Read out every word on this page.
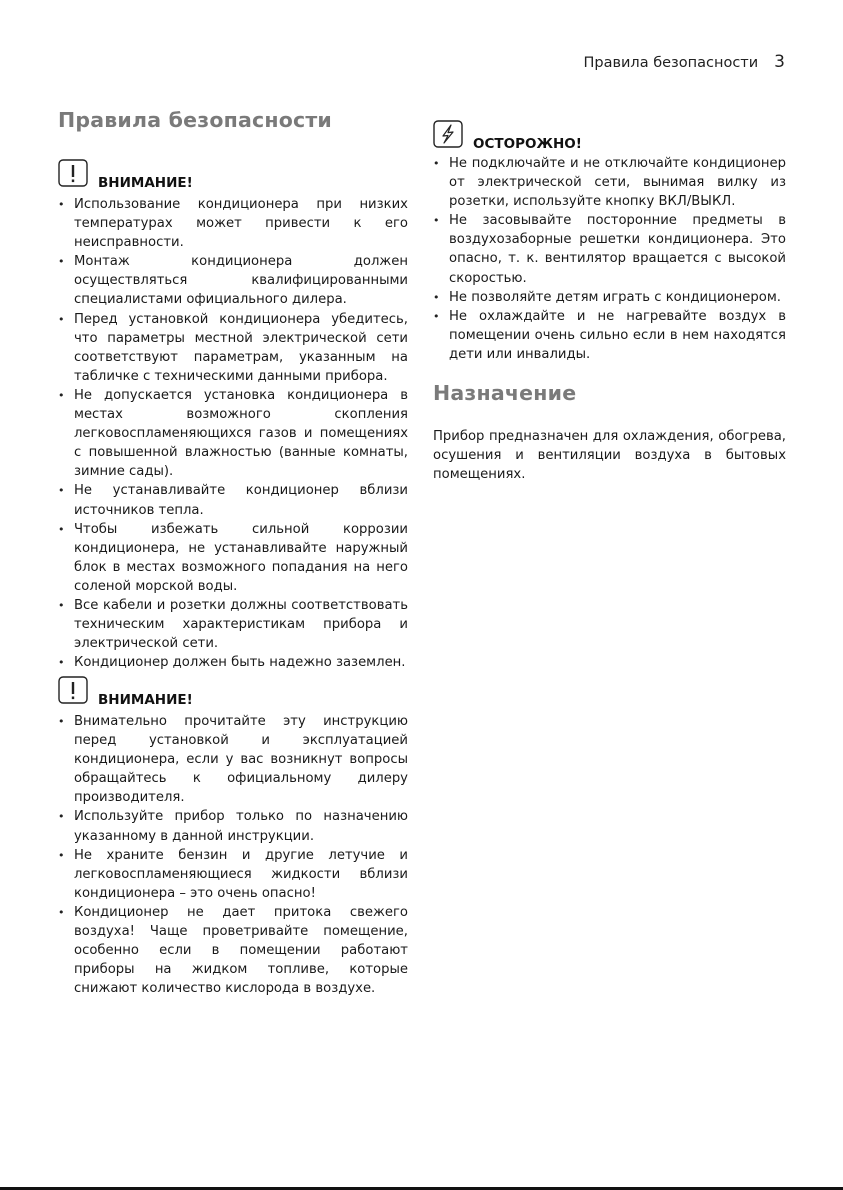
Правила безопасности 3
Правила безопасности
ВНИМАНИЕ!
• Использование кондиционера при низких температурах может привести к его неисправности.
• Монтаж кондиционера должен осуществляться квалифицированными специалистами официального дилера.
• Перед установкой кондиционера убедитесь, что параметры местной электрической сети соответствуют параметрам, указанным на табличке с техническими данными прибора.
• Не допускается установка кондиционера в местах возможного скопления легковоспламеняющихся газов и помещениях с повышенной влажностью (ванные комнаты, зимние сады).
• Не устанавливайте кондиционер вблизи источников тепла.
• Чтобы избежать сильной коррозии кондиционера, не устанавливайте наружный блок в местах возможного попадания на него соленой морской воды.
• Все кабели и розетки должны соответствовать техническим характеристикам прибора и электрической сети.
• Кондиционер должен быть надежно заземлен.
ВНИМАНИЕ!
• Внимательно прочитайте эту инструкцию перед установкой и эксплуатацией кондиционера, если у вас возникнут вопросы обращайтесь к официальному дилеру производителя.
• Используйте прибор только по назначению указанному в данной инструкции.
• Не храните бензин и другие летучие и легковоспламеняющиеся жидкости вблизи кондиционера – это очень опасно!
• Кондиционер не дает притока свежего воздуха! Чаще проветривайте помещение, особенно если в помещении работают приборы на жидком топливе, которые снижают количество кислорода в воздухе.
ОСТОРОЖНО!
• Не подключайте и не отключайте кондиционер от электрической сети, вынимая вилку из розетки, используйте кнопку ВКЛ/ВЫКЛ.
• Не засовывайте посторонние предметы в воздухозаборные решетки кондиционера. Это опасно, т. к. вентилятор вращается с высокой скоростью.
• Не позволяйте детям играть с кондиционером.
• Не охлаждайте и не нагревайте воздух в помещении очень сильно если в нем находятся дети или инвалиды.
Назначение

Прибор предназначен для охлаждения, обогрева, осушения и вентиляции воздуха в бытовых помещениях.
